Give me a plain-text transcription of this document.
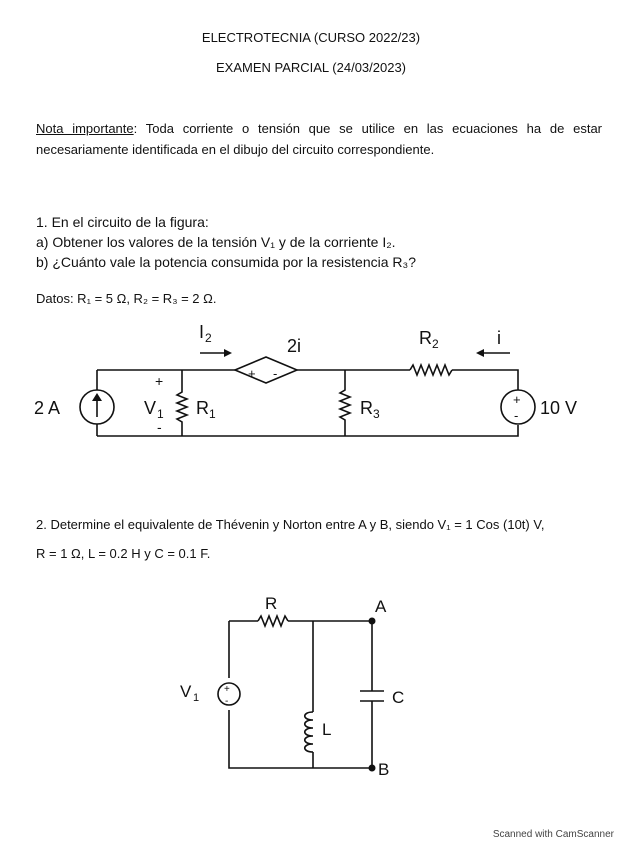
ELECTROTECNIA (CURSO 2022/23)
EXAMEN PARCIAL (24/03/2023)
Nota importante: Toda corriente o tensión que se utilice en las ecuaciones ha de estar necesariamente identificada en el dibujo del circuito correspondiente.
1. En el circuito de la figura:
a) Obtener los valores de la tensión V₁ y de la corriente I₂.
b) ¿Cuánto vale la potencia consumida por la resistencia R₃?
Datos: R₁ = 5 Ω, R₂ = R₃ = 2 Ω.
+ -
+
-
2 A
+
V 1
-
R 1
I 2	2i	R 2	i
R 3	10 V
+
-
R	A
B
C
L
V 1
2. Determine el equivalente de Thévenin y Norton entre A y B, siendo V₁ = 1 Cos (10t) V,
R = 1 Ω, L = 0.2 H y C = 0.1 F.
Scanned with CamScanner
